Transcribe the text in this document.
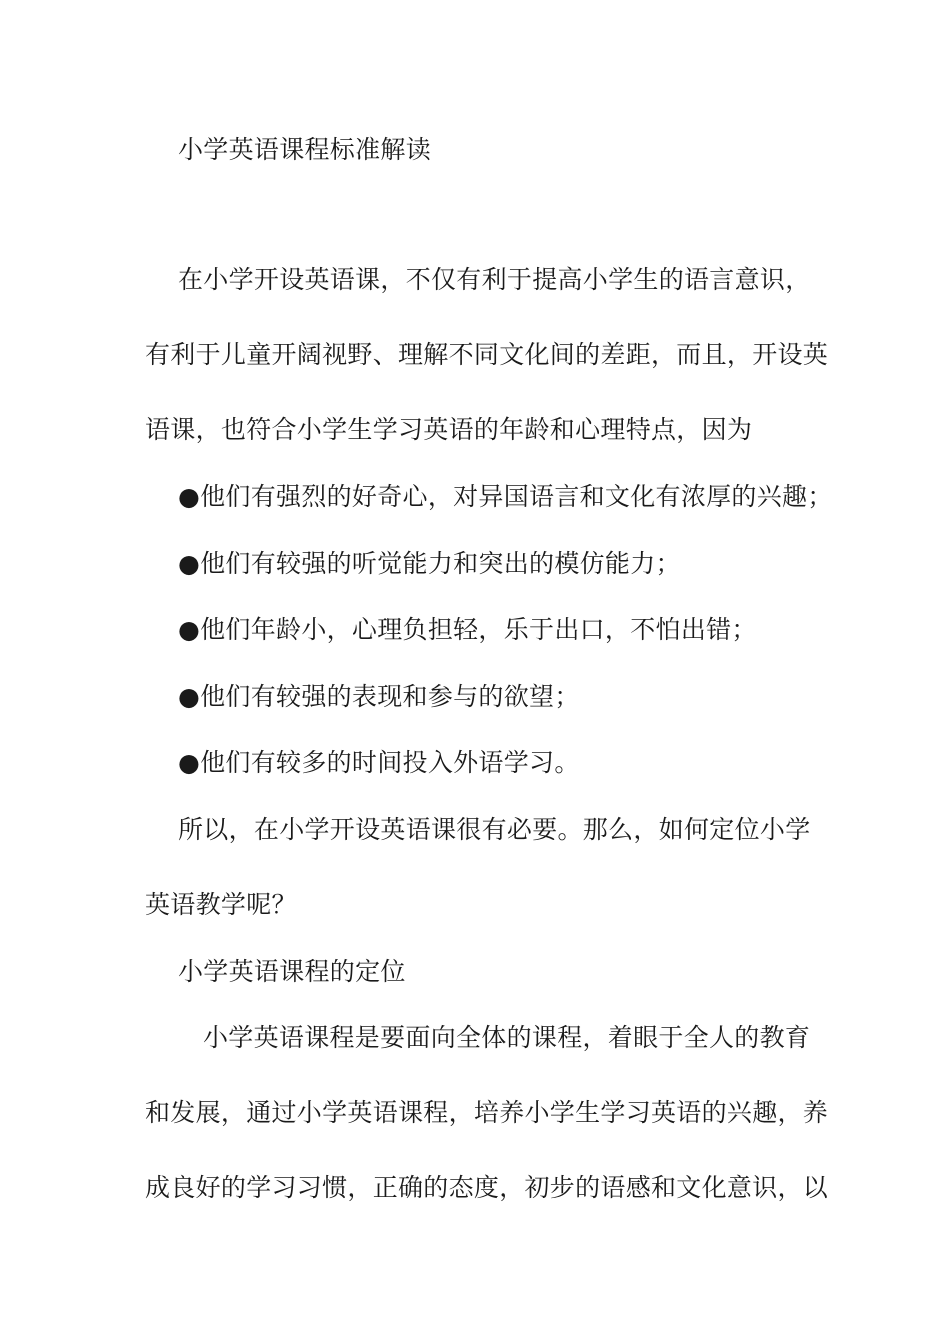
小学英语课程标准解读
在小学开设英语课，不仅有利于提高小学生的语言意识，
有利于儿童开阔视野、理解不同文化间的差距，而且，开设英
语课，也符合小学生学习英语的年龄和心理特点，因为
●他们有强烈的好奇心，对异国语言和文化有浓厚的兴趣；
●他们有较强的听觉能力和突出的模仿能力；
●他们年龄小，心理负担轻，乐于出口，不怕出错；
●他们有较强的表现和参与的欲望；
●他们有较多的时间投入外语学习。
所以，在小学开设英语课很有必要。那么，如何定位小学
英语教学呢？
小学英语课程的定位
小学英语课程是要面向全体的课程，着眼于全人的教育
和发展，通过小学英语课程，培养小学生学习英语的兴趣，养
成良好的学习习惯，正确的态度，初步的语感和文化意识，以
